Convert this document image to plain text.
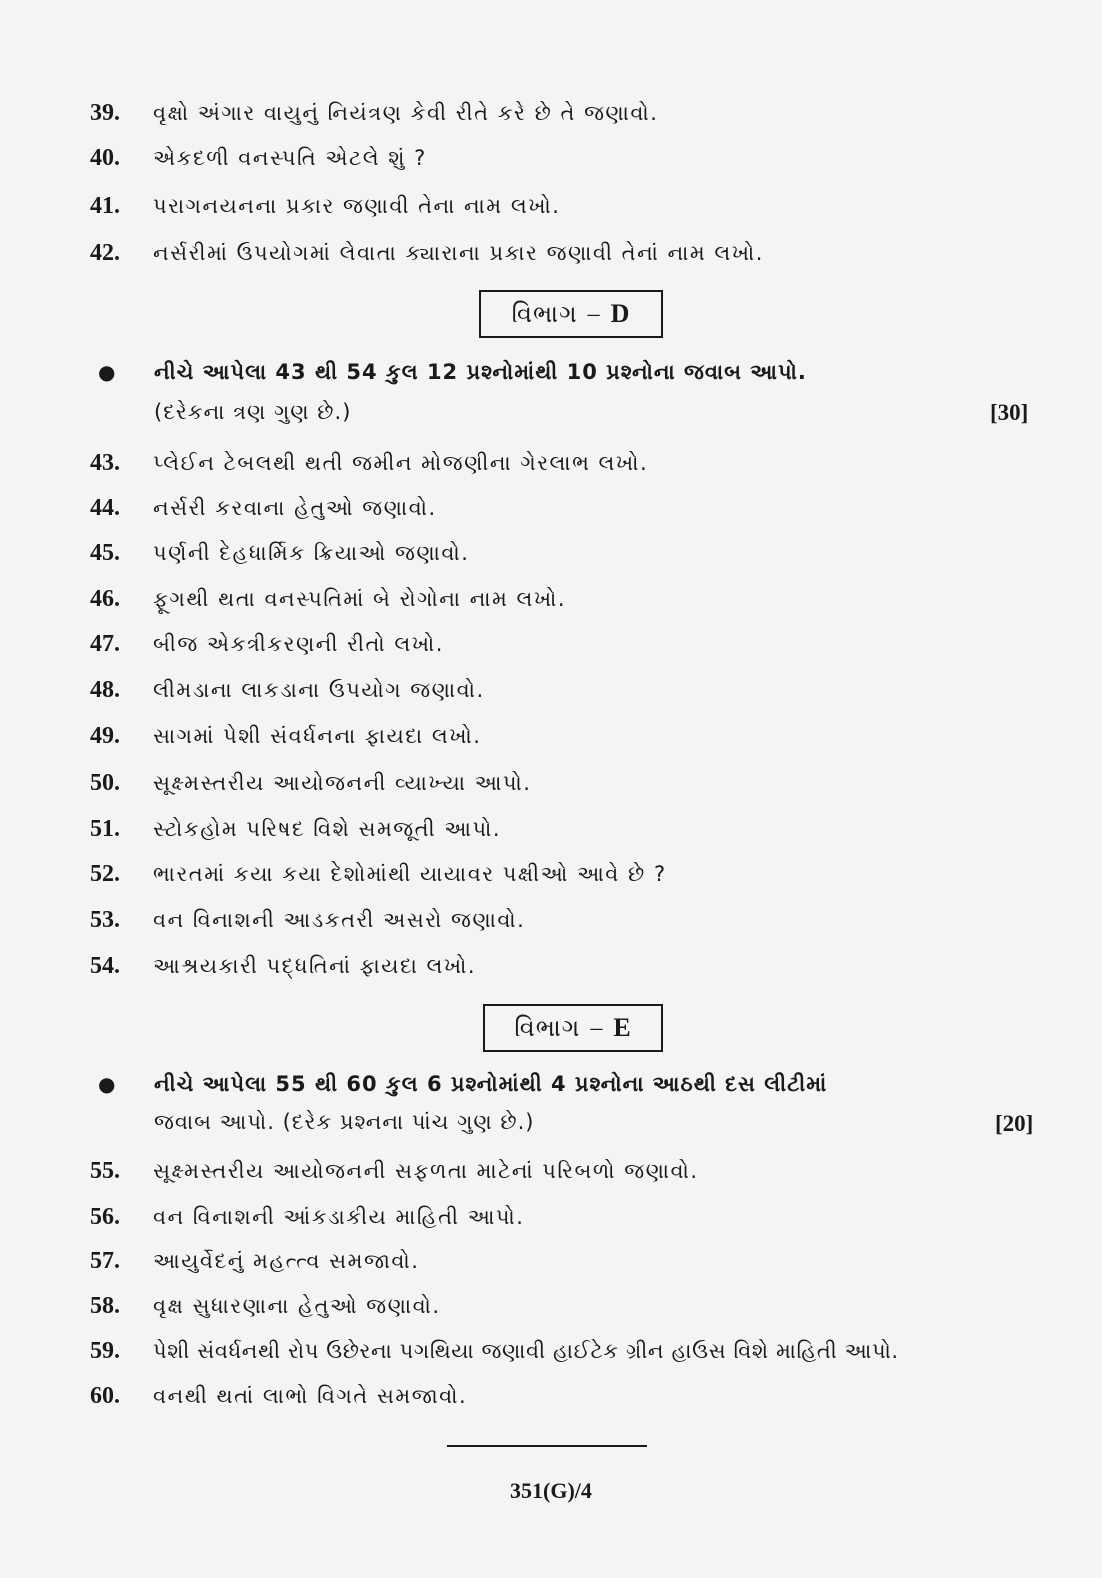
39.	વૃક્ષો અંગાર વાયુનું નિયંત્રણ કેવી રીતે કરે છે તે જણાવો.
40.	એકદળી વનસ્પતિ એટલે શું ?
41.	પરાગનયનના પ્રકાર જણાવી તેના નામ લખો.
42.	નર્સરીમાં ઉપયોગમાં લેવાતા ક્યારાના પ્રકાર જણાવી તેનાં નામ લખો.
વિભાગ – D
● નીચે આપેલા 43 થી 54 કુલ 12 પ્રશ્નોમાંથી 10 પ્રશ્નોના જવાબ આપો.
(દરેકના ત્રણ ગુણ છે.)	[30]
43.	પ્લેઈન ટેબલથી થતી જમીન મોજણીના ગેરલાભ લખો.
44.	નર્સરી કરવાના હેતુઓ જણાવો.
45.	પર્ણની દેહધાર્મિક ક્રિયાઓ જણાવો.
46.	ફૂગથી થતા વનસ્પતિમાં બે રોગોના નામ લખો.
47.	બીજ એકત્રીકરણની રીતો લખો.
48.	લીમડાના લાકડાના ઉપયોગ જણાવો.
49.	સાગમાં પેશી સંવર્ધનના ફાયદા લખો.
50.	સૂક્ષ્મસ્તરીય આયોજનની વ્યાખ્યા આપો.
51.	સ્ટોકહોમ પરિષદ વિશે સમજૂતી આપો.
52.	ભારતમાં કયા કયા દેશોમાંથી યાયાવર પક્ષીઓ આવે છે ?
53.	વન વિનાશની આડકતરી અસરો જણાવો.
54.	આશ્રયકારી પદ્ધતિનાં ફાયદા લખો.
વિભાગ – E
● નીચે આપેલા 55 થી 60 કુલ 6 પ્રશ્નોમાંથી 4 પ્રશ્નોના આઠથી દસ લીટીમાં
જવાબ આપો. (દરેક પ્રશ્નના પાંચ ગુણ છે.)	[20]
55.	સૂક્ષ્મસ્તરીય આયોજનની સફળતા માટેનાં પરિબળો જણાવો.
56.	વન વિનાશની આંકડાકીય માહિતી આપો.
57.	આયુર્વેદનું મહત્ત્વ સમજાવો.
58.	વૃક્ષ સુધારણાના હેતુઓ જણાવો.
59.	પેશી સંવર્ધનથી રોપ ઉછેરના પગથિયા જણાવી હાઈટેક ગ્રીન હાઉસ વિશે માહિતી આપો.
60.	વનથી થતાં લાભો વિગતે સમજાવો.
351(G)/4
